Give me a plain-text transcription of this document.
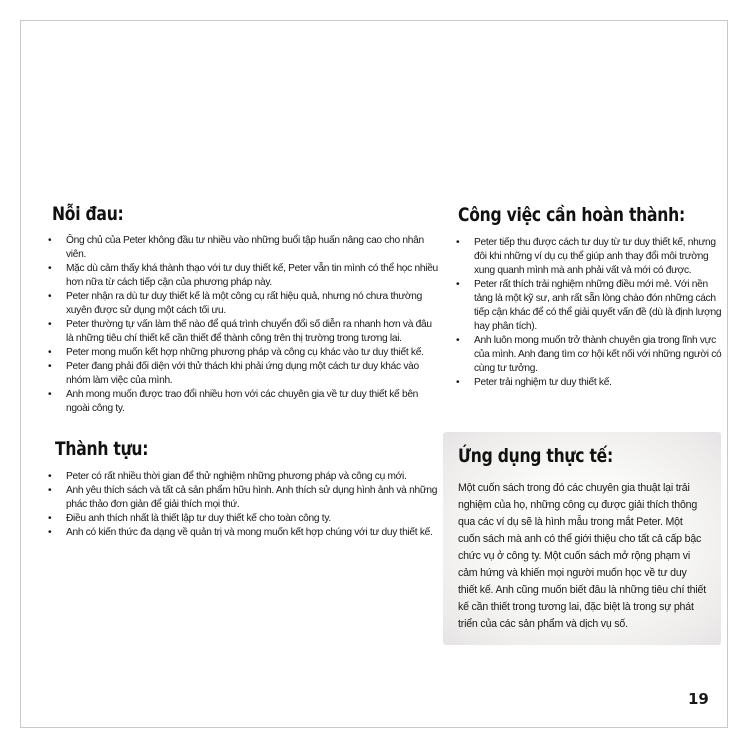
Nỗi đau:
• Ông chủ của Peter không đầu tư nhiều vào những buổi tập huấn nâng cao cho nhân viên.
• Mặc dù cảm thấy khá thành thạo với tư duy thiết kế, Peter vẫn tin mình có thể học nhiều hơn nữa từ cách tiếp cận của phương pháp này.
• Peter nhận ra dù tư duy thiết kế là một công cụ rất hiệu quả, nhưng nó chưa thường xuyên được sử dụng một cách tối ưu.
• Peter thường tự vấn làm thế nào để quá trình chuyển đổi số diễn ra nhanh hơn và đâu là những tiêu chí thiết kế cần thiết để thành công trên thị trường trong tương lai.
• Peter mong muốn kết hợp những phương pháp và công cụ khác vào tư duy thiết kế.
• Peter đang phải đối diện với thử thách khi phải ứng dụng một cách tư duy khác vào nhóm làm việc của mình.
• Anh mong muốn được trao đổi nhiều hơn với các chuyên gia về tư duy thiết kế bên ngoài công ty.
Công việc cần hoàn thành:
• Peter tiếp thu được cách tư duy từ tư duy thiết kế, nhưng đôi khi những ví dụ cụ thể giúp anh thay đổi môi trường xung quanh mình mà anh phải vất vả mới có được.
• Peter rất thích trải nghiệm những điều mới mẻ. Với nền tảng là một kỹ sư, anh rất sẵn lòng chào đón những cách tiếp cận khác để có thể giải quyết vấn đề (dù là định lượng hay phân tích).
• Anh luôn mong muốn trở thành chuyên gia trong lĩnh vực của mình. Anh đang tìm cơ hội kết nối với những người có cùng tư tưởng.
• Peter trải nghiệm tư duy thiết kế.
Thành tựu:
• Peter có rất nhiều thời gian để thử nghiệm những phương pháp và công cụ mới.
• Anh yêu thích sách và tất cả sản phẩm hữu hình. Anh thích sử dụng hình ảnh và những phác thảo đơn giản để giải thích mọi thứ.
• Điều anh thích nhất là thiết lập tư duy thiết kế cho toàn công ty.
• Anh có kiến thức đa dạng về quản trị và mong muốn kết hợp chúng với tư duy thiết kế.
Ứng dụng thực tế:

Một cuốn sách trong đó các chuyên gia thuật lại trải nghiệm của họ, những công cụ được giải thích thông qua các ví dụ sẽ là hình mẫu trong mắt Peter. Một cuốn sách mà anh có thể giới thiệu cho tất cả cấp bậc chức vụ ở công ty. Một cuốn sách mở rộng phạm vi cảm hứng và khiến mọi người muốn học về tư duy thiết kế. Anh cũng muốn biết đâu là những tiêu chí thiết kế cần thiết trong tương lai, đặc biệt là trong sự phát triển của các sản phẩm và dịch vụ số.

19
